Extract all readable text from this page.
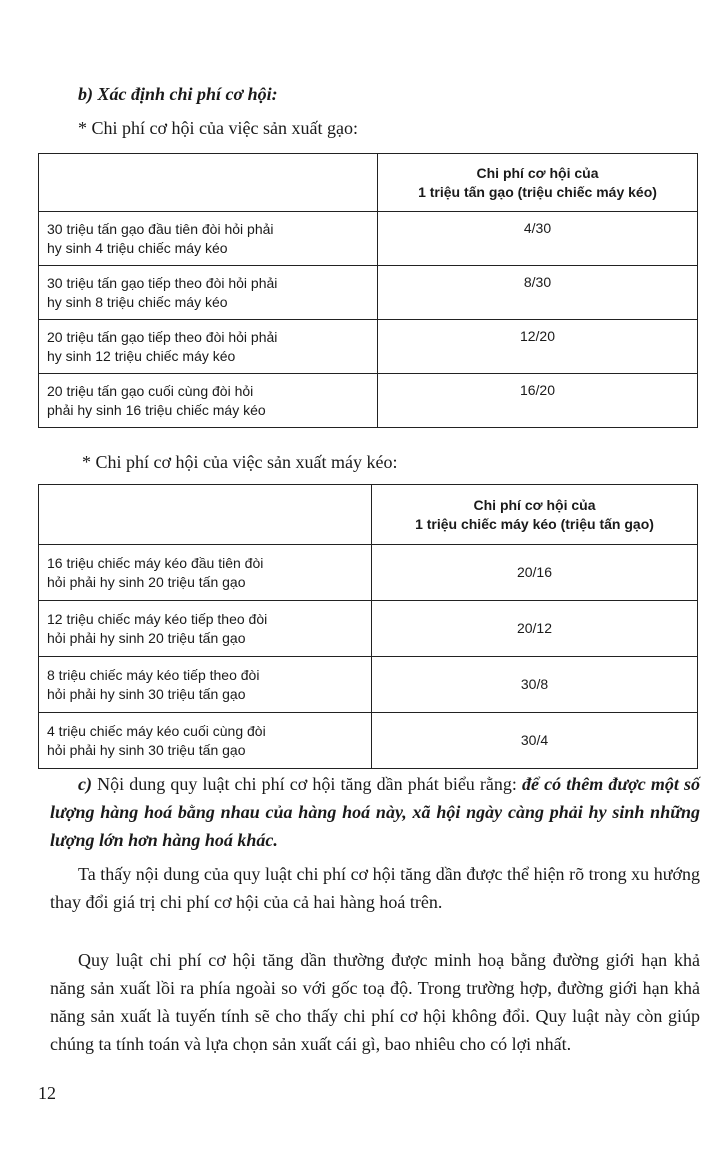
b) Xác định chi phí cơ hội:
* Chi phí cơ hội của việc sản xuất gạo:

	Chi phí cơ hội của
1 triệu tấn gạo (triệu chiếc máy kéo)

30 triệu tấn gạo đầu tiên đòi hỏi phải
hy sinh 4 triệu chiếc máy kéo	4/30

30 triệu tấn gạo tiếp theo đòi hỏi phải
hy sinh 8 triệu chiếc máy kéo	8/30

20 triệu tấn gạo tiếp theo đòi hỏi phải
hy sinh 12 triệu chiếc máy kéo	12/20

20 triệu tấn gạo cuối cùng đòi hỏi
phải hy sinh 16 triệu chiếc máy kéo	16/20
* Chi phí cơ hội của việc sản xuất máy kéo:

	Chi phí cơ hội của
1 triệu chiếc máy kéo (triệu tấn gạo)

16 triệu chiếc máy kéo đầu tiên đòi
hỏi phải hy sinh 20 triệu tấn gạo	20/16

12 triệu chiếc máy kéo tiếp theo đòi
hỏi phải hy sinh 20 triệu tấn gạo	20/12

8 triệu chiếc máy kéo tiếp theo đòi
hỏi phải hy sinh 30 triệu tấn gạo	30/8

4 triệu chiếc máy kéo cuối cùng đòi
hỏi phải hy sinh 30 triệu tấn gạo	30/4

c) Nội dung quy luật chi phí cơ hội tăng dần phát biểu rằng: để có thêm được một số lượng hàng hoá bằng nhau của hàng hoá này, xã hội ngày càng phải hy sinh những lượng lớn hơn hàng hoá khác.

Ta thấy nội dung của quy luật chi phí cơ hội tăng dần được thể hiện rõ trong xu hướng thay đổi giá trị chi phí cơ hội của cả hai hàng hoá trên.

Quy luật chi phí cơ hội tăng dần thường được minh hoạ bằng đường giới hạn khả năng sản xuất lồi ra phía ngoài so với gốc toạ độ. Trong trường hợp, đường giới hạn khả năng sản xuất là tuyến tính sẽ cho thấy chi phí cơ hội không đổi. Quy luật này còn giúp chúng ta tính toán và lựa chọn sản xuất cái gì, bao nhiêu cho có lợi nhất.

12
